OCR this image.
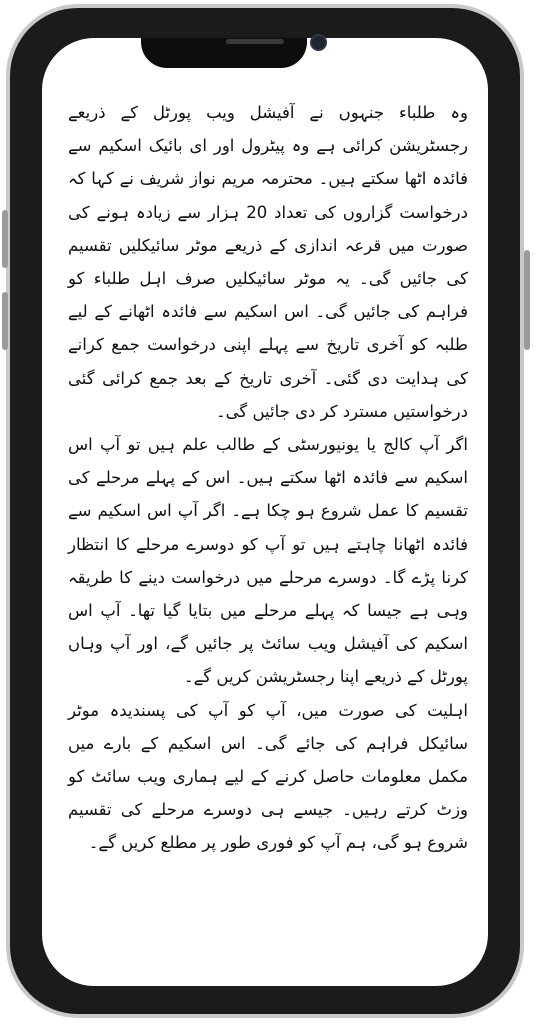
وہ طلباء جنہوں نے آفیشل ویب پورٹل کے ذریعے رجسٹریشن کرائی ہے وہ پیٹرول اور ای بائیک اسکیم سے فائدہ اٹھا سکتے ہیں۔ محترمہ مریم نواز شریف نے کہا کہ درخواست گزاروں کی تعداد 20 ہزار سے زیادہ ہونے کی صورت میں قرعہ اندازی کے ذریعے موٹر سائیکلیں تقسیم کی جائیں گی۔ یہ موٹر سائیکلیں صرف اہل طلباء کو فراہم کی جائیں گی۔ اس اسکیم سے فائدہ اٹھانے کے لیے طلبہ کو آخری تاریخ سے پہلے اپنی درخواست جمع کرانے کی ہدایت دی گئی۔ آخری تاریخ کے بعد جمع کرائی گئی درخواستیں مسترد کر دی جائیں گی۔

اگر آپ کالج یا یونیورسٹی کے طالب علم ہیں تو آپ اس اسکیم سے فائدہ اٹھا سکتے ہیں۔ اس کے پہلے مرحلے کی تقسیم کا عمل شروع ہو چکا ہے۔ اگر آپ اس اسکیم سے فائدہ اٹھانا چاہتے ہیں تو آپ کو دوسرے مرحلے کا انتظار کرنا پڑے گا۔ دوسرے مرحلے میں درخواست دینے کا طریقہ وہی ہے جیسا کہ پہلے مرحلے میں بتایا گیا تھا۔ آپ اس اسکیم کی آفیشل ویب سائٹ پر جائیں گے، اور آپ وہاں پورٹل کے ذریعے اپنا رجسٹریشن کریں گے۔

اہلیت کی صورت میں، آپ کو آپ کی پسندیدہ موٹر سائیکل فراہم کی جائے گی۔ اس اسکیم کے بارے میں مکمل معلومات حاصل کرنے کے لیے ہماری ویب سائٹ کو وزٹ کرتے رہیں۔ جیسے ہی دوسرے مرحلے کی تقسیم شروع ہو گی، ہم آپ کو فوری طور پر مطلع کریں گے۔
